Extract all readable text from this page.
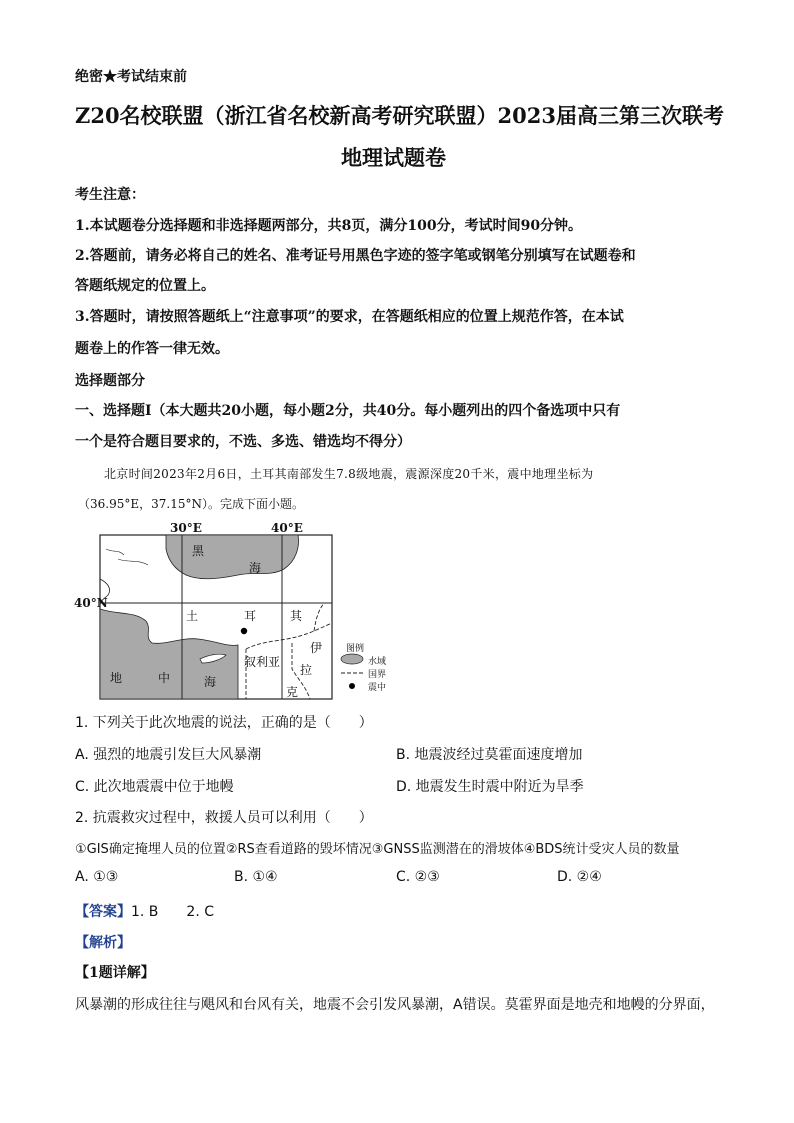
绝密★考试结束前
Z20名校联盟（浙江省名校新高考研究联盟）2023届高三第三次联考
地理试题卷
考生注意：
1.本试题卷分选择题和非选择题两部分，共8页，满分100分，考试时间90分钟。
2.答题前，请务必将自己的姓名、准考证号用黑色字迹的签字笔或钢笔分别填写在试题卷和
答题纸规定的位置上。
3.答题时，请按照答题纸上“注意事项”的要求，在答题纸相应的位置上规范作答，在本试
题卷上的作答一律无效。
选择题部分
一、选择题Ⅰ（本大题共20小题，每小题2分，共40分。每小题列出的四个备选项中只有
一个是符合题目要求的，不选、多选、错选均不得分）
北京时间2023年2月6日，土耳其南部发生7.8级地震，震源深度20千米，震中地理坐标为
（36.95°E，37.15°N）。完成下面小题。
30°E	40°E
40°N
黑
海
土	耳	其
叙利亚
伊
拉
克
地	中	海
图例
水域
国界
震中
1. 下列关于此次地震的说法，正确的是（　　）
A. 强烈的地震引发巨大风暴潮	B. 地震波经过莫霍面速度增加
C. 此次地震震中位于地幔	D. 地震发生时震中附近为旱季
2. 抗震救灾过程中，救援人员可以利用（　　）
①GIS确定掩埋人员的位置②RS查看道路的毁坏情况③GNSS监测潜在的滑坡体④BDS统计受灾人员的数量
A. ①③	B. ①④	C. ②③	D. ②④
【答案】1. B　　2. C
【解析】
【1题详解】
风暴潮的形成往往与飓风和台风有关，地震不会引发风暴潮，A错误。莫霍界面是地壳和地幔的分界面，
